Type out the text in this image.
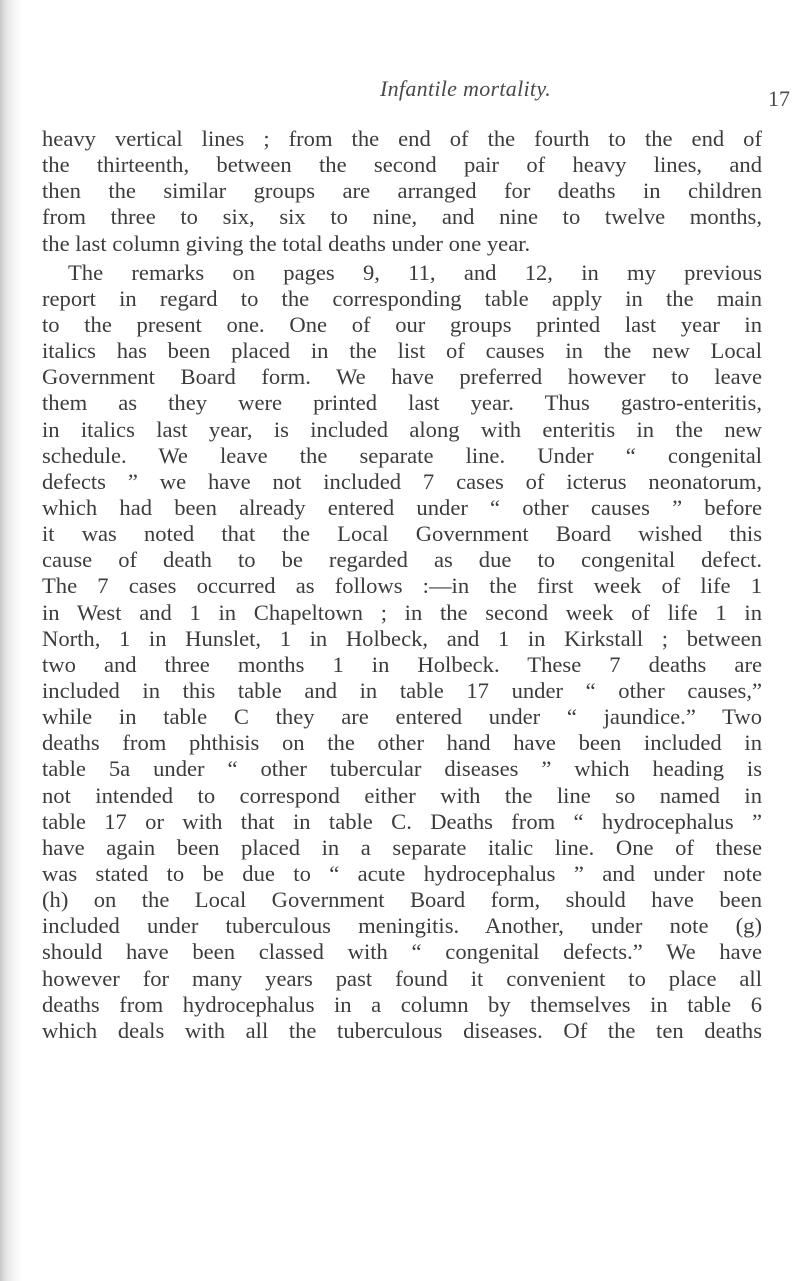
Infantile mortality.	17
heavy vertical lines ; from the end of the fourth to the end of
the thirteenth, between the second pair of heavy lines, and
then the similar groups are arranged for deaths in children
from three to six, six to nine, and nine to twelve months,
the last column giving the total deaths under one year.
The remarks on pages 9, 11, and 12, in my previous
report in regard to the corresponding table apply in the main
to the present one. One of our groups printed last year in
italics has been placed in the list of causes in the new Local
Government Board form. We have preferred however to leave
them as they were printed last year. Thus gastro-enteritis,
in italics last year, is included along with enteritis in the new
schedule. We leave the separate line. Under “ congenital
defects ” we have not included 7 cases of icterus neonatorum,
which had been already entered under “ other causes ” before
it was noted that the Local Government Board wished this
cause of death to be regarded as due to congenital defect.
The 7 cases occurred as follows :—in the first week of life 1
in West and 1 in Chapeltown ; in the second week of life 1 in
North, 1 in Hunslet, 1 in Holbeck, and 1 in Kirkstall ; between
two and three months 1 in Holbeck. These 7 deaths are
included in this table and in table 17 under “ other causes,”
while in table C they are entered under “ jaundice.” Two
deaths from phthisis on the other hand have been included in
table 5a under “ other tubercular diseases ” which heading is
not intended to correspond either with the line so named in
table 17 or with that in table C. Deaths from “ hydrocephalus ”
have again been placed in a separate italic line. One of these
was stated to be due to “ acute hydrocephalus ” and under note
(h) on the Local Government Board form, should have been
included under tuberculous meningitis. Another, under note (g)
should have been classed with “ congenital defects.” We have
however for many years past found it convenient to place all
deaths from hydrocephalus in a column by themselves in table 6
which deals with all the tuberculous diseases. Of the ten deaths
